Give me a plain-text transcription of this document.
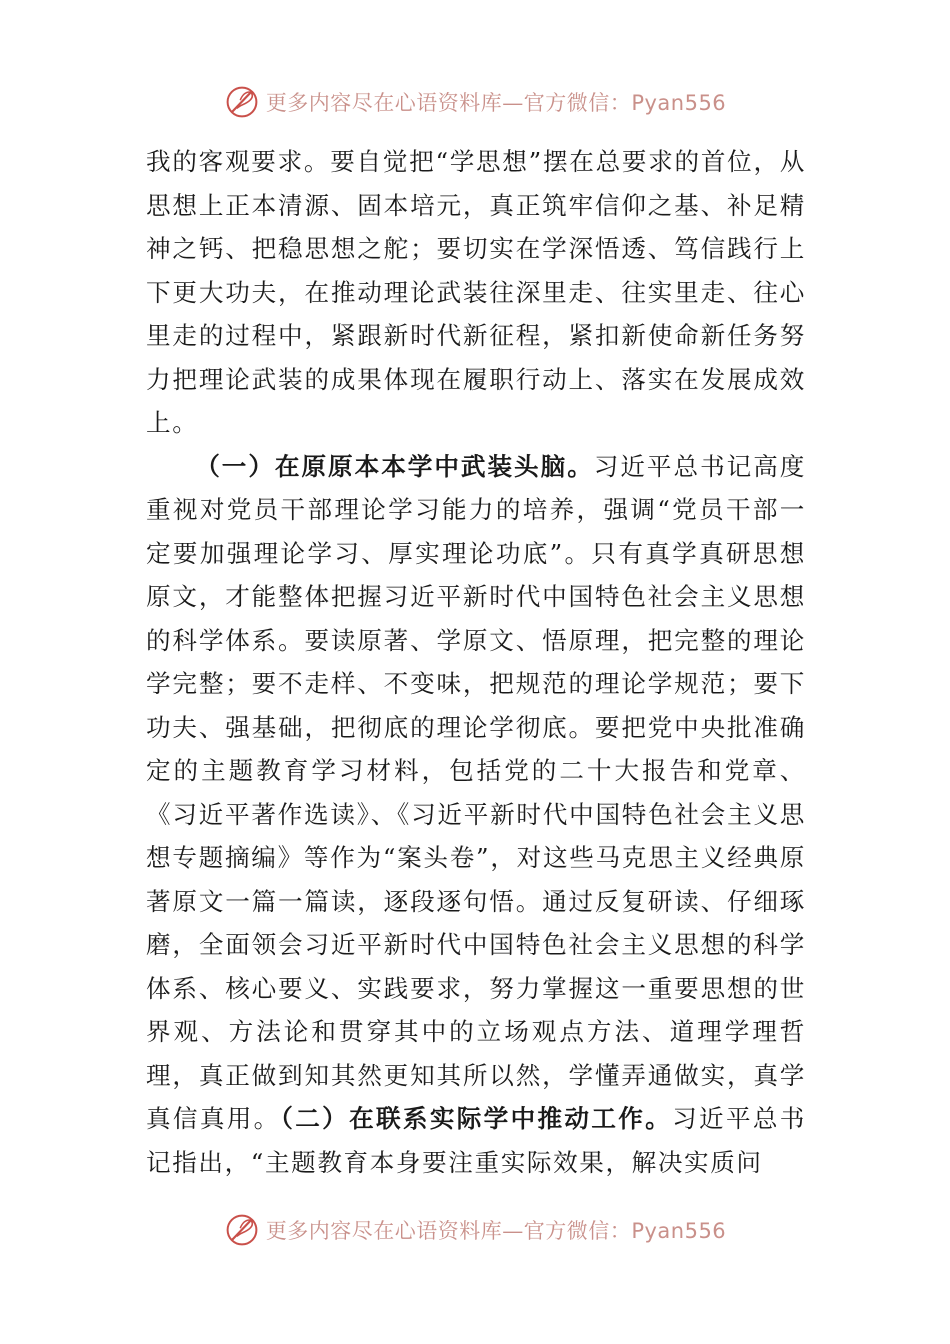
更多内容尽在心语资料库—官方微信：Pyan556

我的客观要求。要自觉把“学思想”摆在总要求的首位，从思想上正本清源、固本培元，真正筑牢信仰之基、补足精神之钙、把稳思想之舵；要切实在学深悟透、笃信践行上下更大功夫，在推动理论武装往深里走、往实里走、往心里走的过程中，紧跟新时代新征程，紧扣新使命新任务努力把理论武装的成果体现在履职行动上、落实在发展成效上。

（一）在原原本本学中武装头脑。习近平总书记高度重视对党员干部理论学习能力的培养，强调“党员干部一定要加强理论学习、厚实理论功底”。只有真学真研思想原文，才能整体把握习近平新时代中国特色社会主义思想的科学体系。要读原著、学原文、悟原理，把完整的理论学完整；要不走样、不变味，把规范的理论学规范；要下功夫、强基础，把彻底的理论学彻底。要把党中央批准确定的主题教育学习材料，包括党的二十大报告和党章、《习近平著作选读》、《习近平新时代中国特色社会主义思想专题摘编》等作为“案头卷”，对这些马克思主义经典原著原文一篇一篇读，逐段逐句悟。通过反复研读、仔细琢磨，全面领会习近平新时代中国特色社会主义思想的科学体系、核心要义、实践要求，努力掌握这一重要思想的世界观、方法论和贯穿其中的立场观点方法、道理学理哲理，真正做到知其然更知其所以然，学懂弄通做实，真学真信真用。（二）在联系实际学中推动工作。习近平总书记指出，“主题教育本身要注重实际效果，解决实质问

更多内容尽在心语资料库—官方微信：Pyan556
